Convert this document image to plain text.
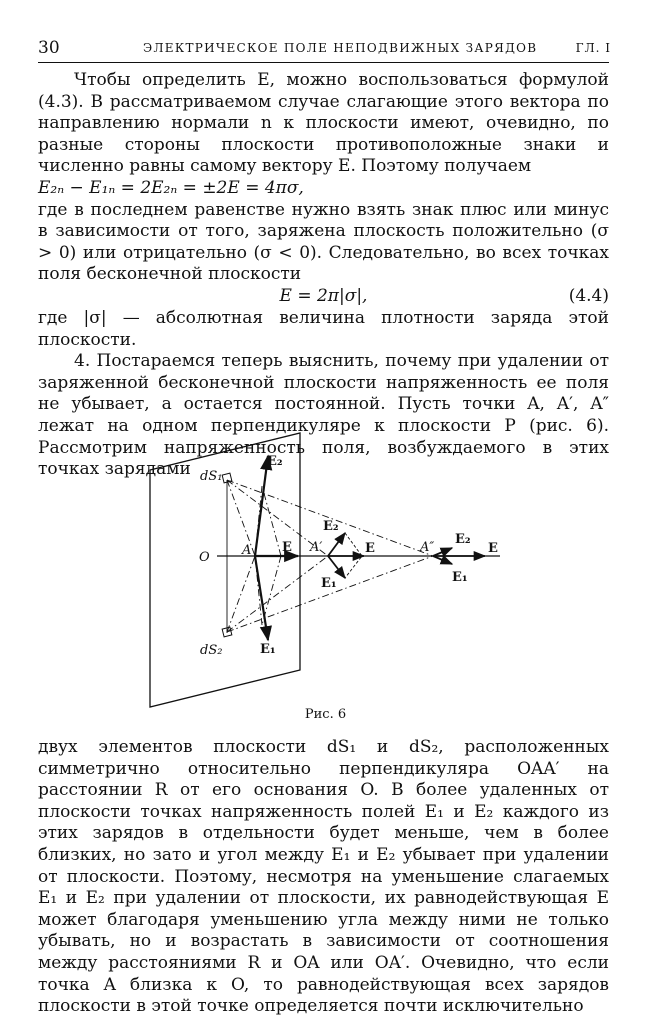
30	ЭЛЕКТРИЧЕСКОЕ ПОЛЕ НЕПОДВИЖНЫХ ЗАРЯДОВ	ГЛ. I

Чтобы определить E, можно воспользоваться формулой (4.3). В рассматриваемом случае слагающие этого вектора по направлению нормали n к плоскости имеют, очевидно, по разные стороны плоскости противоположные знаки и численно равны самому вектору E. Поэтому получаем

E₂ₙ − E₁ₙ = 2E₂ₙ = ±2E = 4πσ,

где в последнем равенстве нужно взять знак плюс или минус в зависимости от того, заряжена плоскость положительно (σ > 0) или отрицательно (σ < 0). Следовательно, во всех точках поля бесконечной плоскости

E = 2π|σ|,	(4.4)

где |σ| — абсолютная величина плотности заряда этой плоскости.

4. Постараемся теперь выяснить, почему при удалении от заряженной бесконечной плоскости напряженность ее поля не убывает, а остается постоянной. Пусть точки A, A′, A″ лежат на одном перпендикуляре к плоскости P (рис. 6). Рассмотрим напряженность поля, возбуждаемого в этих точках зарядами dS₁
dS₂
O A	A′	A″
E₂
E₁
E
E₂
E
E₁
E₂
E
E₁
Рис. 6

двух элементов плоскости dS₁ и dS₂, расположенных симметрично относительно перпендикуляра OAA′ на расстоянии R от его основания O. В более удаленных от плоскости точках напряженность полей E₁ и E₂ каждого из этих зарядов в отдельности будет меньше, чем в более близких, но зато и угол между E₁ и E₂ убывает при удалении от плоскости. Поэтому, несмотря на уменьшение слагаемых E₁ и E₂ при удалении от плоскости, их равнодействующая E может благодаря уменьшению угла между ними не только убывать, но и возрастать в зависимости от соотношения между расстояниями R и OA или OA′. Очевидно, что если точка A близка к O, то равнодействующая всех зарядов плоскости в этой точке определяется почти исключительно
